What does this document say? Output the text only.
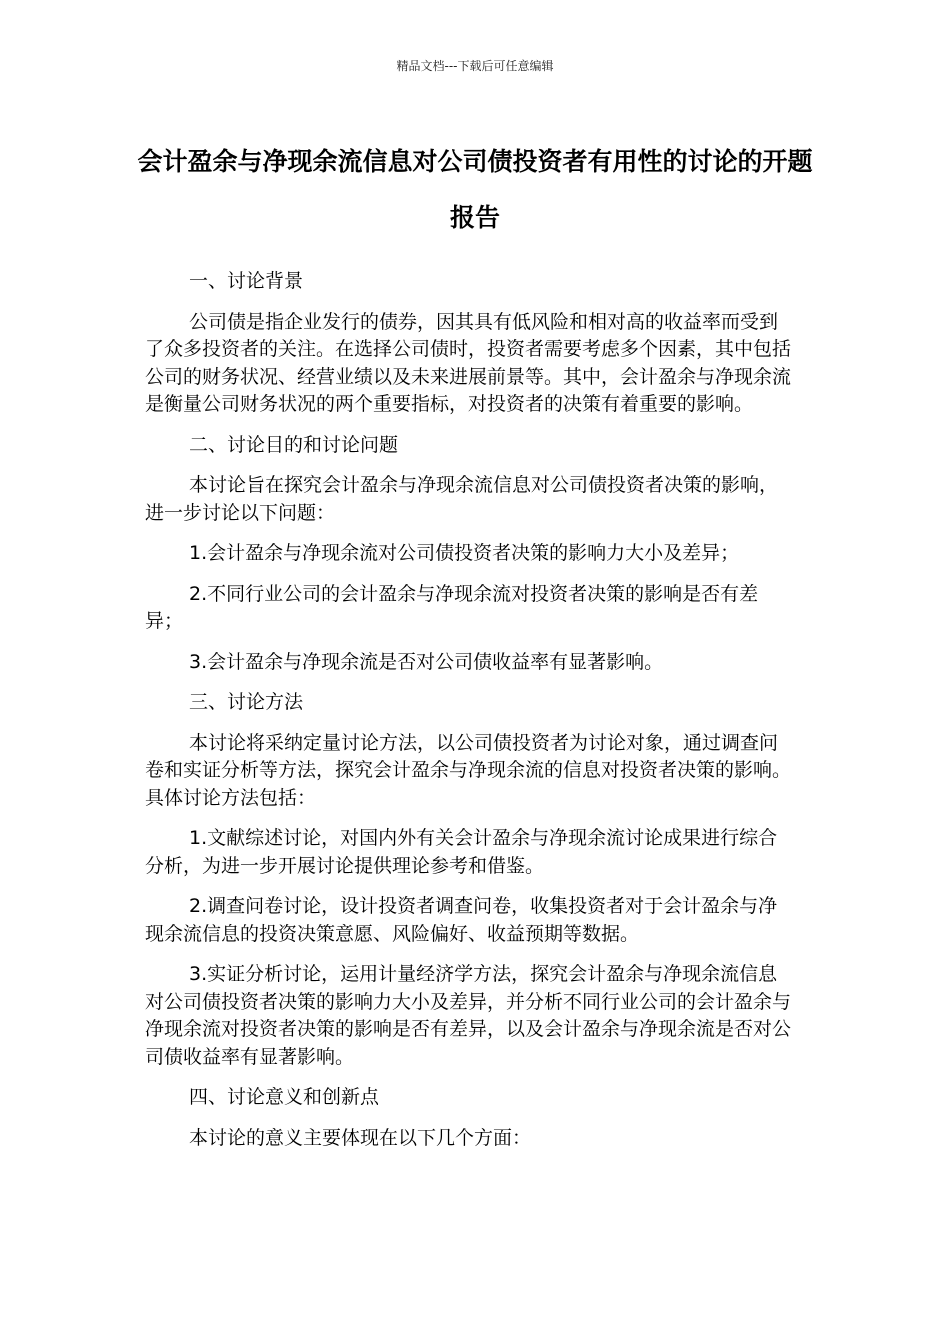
精品文档---下载后可任意编辑
会计盈余与净现余流信息对公司债投资者有用性的讨论的开题报告

一、讨论背景

公司债是指企业发行的债券，因其具有低风险和相对高的收益率而受到了众多投资者的关注。在选择公司债时，投资者需要考虑多个因素，其中包括公司的财务状况、经营业绩以及未来进展前景等。其中，会计盈余与净现余流是衡量公司财务状况的两个重要指标，对投资者的决策有着重要的影响。

二、讨论目的和讨论问题

本讨论旨在探究会计盈余与净现余流信息对公司债投资者决策的影响，进一步讨论以下问题：

1.会计盈余与净现余流对公司债投资者决策的影响力大小及差异；

2.不同行业公司的会计盈余与净现余流对投资者决策的影响是否有差异；

3.会计盈余与净现余流是否对公司债收益率有显著影响。

三、讨论方法

本讨论将采纳定量讨论方法，以公司债投资者为讨论对象，通过调查问卷和实证分析等方法，探究会计盈余与净现余流的信息对投资者决策的影响。具体讨论方法包括：

1.文献综述讨论，对国内外有关会计盈余与净现余流讨论成果进行综合分析，为进一步开展讨论提供理论参考和借鉴。

2.调查问卷讨论，设计投资者调查问卷，收集投资者对于会计盈余与净现余流信息的投资决策意愿、风险偏好、收益预期等数据。

3.实证分析讨论，运用计量经济学方法，探究会计盈余与净现余流信息对公司债投资者决策的影响力大小及差异，并分析不同行业公司的会计盈余与净现余流对投资者决策的影响是否有差异，以及会计盈余与净现余流是否对公司债收益率有显著影响。

四、讨论意义和创新点

本讨论的意义主要体现在以下几个方面：
